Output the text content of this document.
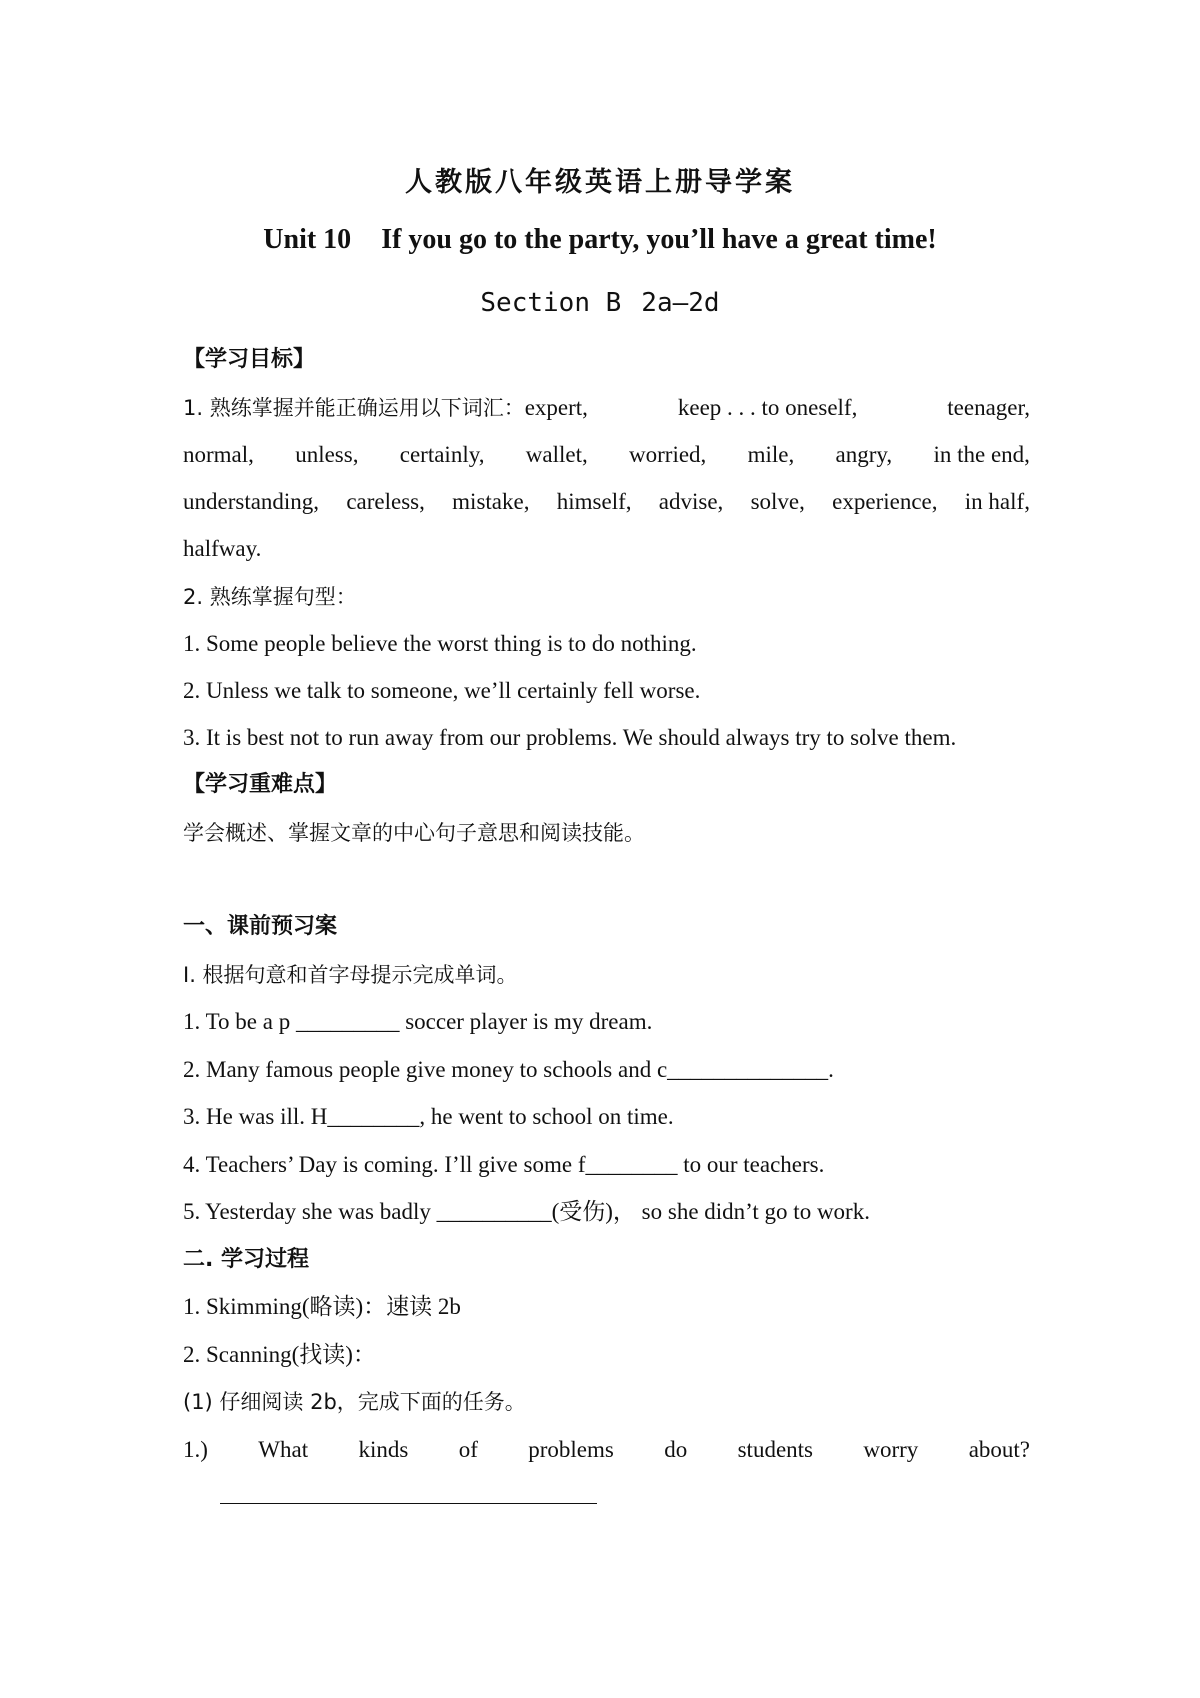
人教版八年级英语上册导学案
Unit 10 If you go to the party, you’ll have a great time!
Section B 2a—2d
【学习目标】
1. 熟练掌握并能正确运用以下词汇：expert,	keep . . . to oneself,	teenager,
normal, unless, certainly, wallet, worried, mile, angry, in the end,
understanding, careless, mistake, himself, advise, solve, experience, in half,
halfway.
2. 熟练掌握句型：
1. Some people believe the worst thing is to do nothing.
2. Unless we talk to someone, we’ll certainly fell worse.
3. It is best not to run away from our problems. We should always try to solve them.
【学习重难点】
学会概述、掌握文章的中心句子意思和阅读技能。
一、课前预习案
Ⅰ. 根据句意和首字母提示完成单词。
1. To be a p _________ soccer player is my dream.
2. Many famous people give money to schools and c______________.
3. He was ill. H________, he went to school on time.
4. Teachers’ Day is coming. I’ll give some f________ to our teachers.
5. Yesterday she was badly __________(受伤)， so she didn’t go to work.
二. 学习过程
1. Skimming(略读)：速读 2b
2. Scanning(找读)：
(1) 仔细阅读 2b，完成下面的任务。
1.) What kinds of problems do students worry about?
